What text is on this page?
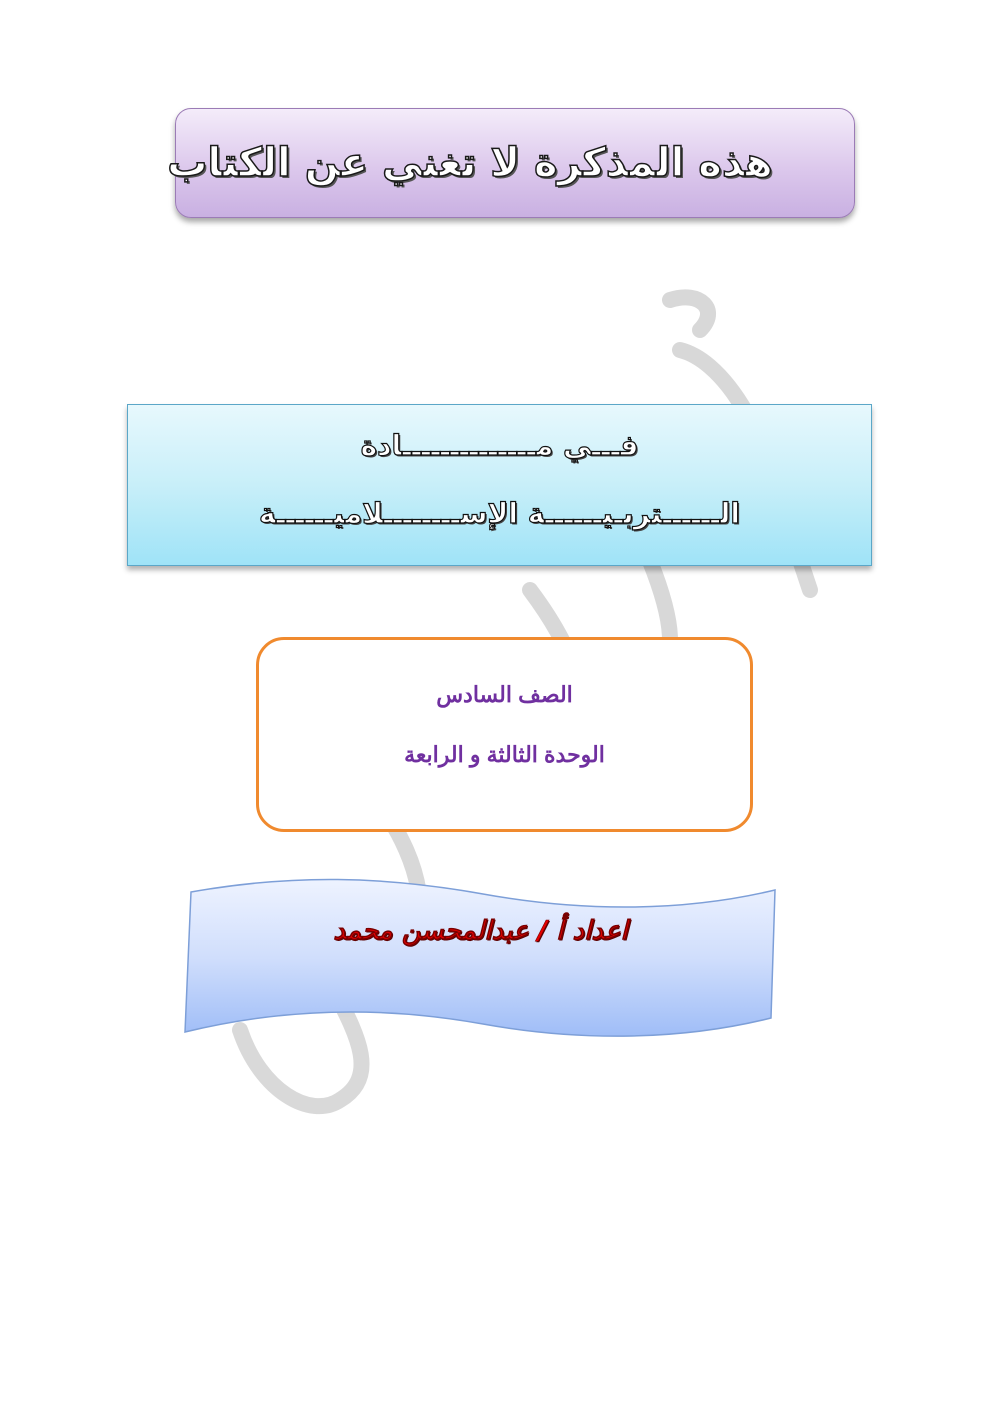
هذه المذكرة لا تغني عن الكتاب
فـــي مــــــــــــــادة
الــــــتربـيــــــة الإســــــــلاميــــــة
الصف السادس
الوحدة الثالثة و الرابعة
اعداد أ / عبدالمحسن محمد
